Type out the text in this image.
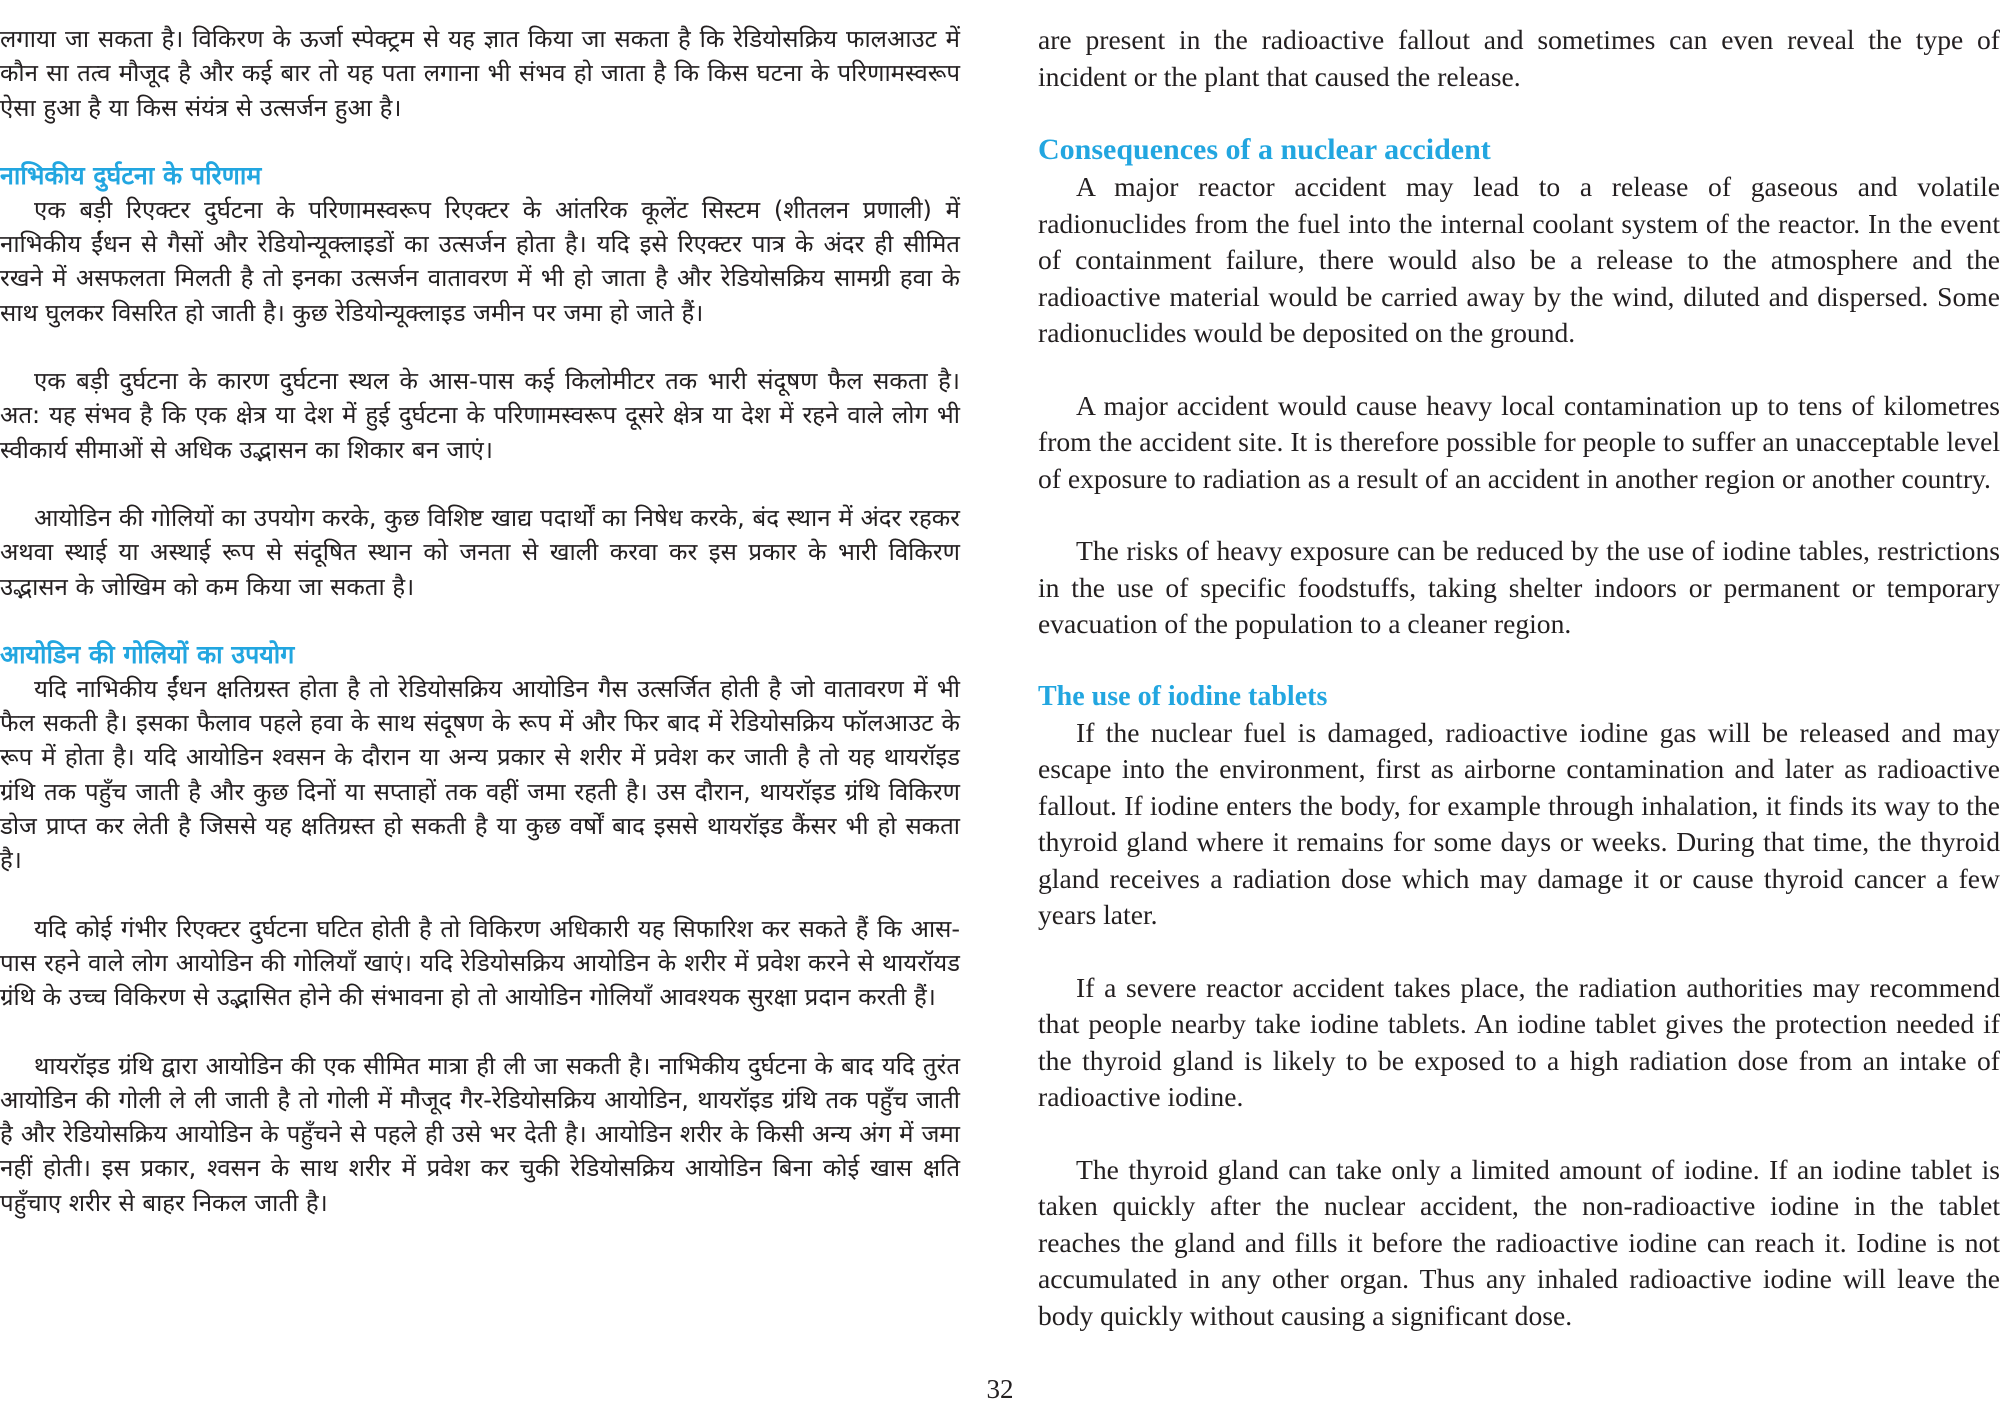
लगाया जा सकता है। विकिरण के ऊर्जा स्पेक्ट्रम से यह ज्ञात किया जा सकता है कि रेडियोसक्रिय फालआउट में कौन सा तत्व मौजूद है और कई बार तो यह पता लगाना भी संभव हो जाता है कि किस घटना के परिणामस्वरूप ऐसा हुआ है या किस संयंत्र से उत्सर्जन हुआ है।

नाभिकीय दुर्घटना के परिणाम

एक बड़ी रिएक्टर दुर्घटना के परिणामस्वरूप रिएक्टर के आंतरिक कूलेंट सिस्टम (शीतलन प्रणाली) में नाभिकीय ईंधन से गैसों और रेडियोन्यूक्लाइडों का उत्सर्जन होता है। यदि इसे रिएक्टर पात्र के अंदर ही सीमित रखने में असफलता मिलती है तो इनका उत्सर्जन वातावरण में भी हो जाता है और रेडियोसक्रिय सामग्री हवा के साथ घुलकर विसरित हो जाती है। कुछ रेडियोन्यूक्लाइड जमीन पर जमा हो जाते हैं।

एक बड़ी दुर्घटना के कारण दुर्घटना स्थल के आस-पास कई किलोमीटर तक भारी संदूषण फैल सकता है। अत: यह संभव है कि एक क्षेत्र या देश में हुई दुर्घटना के परिणामस्वरूप दूसरे क्षेत्र या देश में रहने वाले लोग भी स्वीकार्य सीमाओं से अधिक उद्भासन का शिकार बन जाएं।

आयोडिन की गोलियों का उपयोग करके, कुछ विशिष्ट खाद्य पदार्थों का निषेध करके, बंद स्थान में अंदर रहकर अथवा स्थाई या अस्थाई रूप से संदूषित स्थान को जनता से खाली करवा कर इस प्रकार के भारी विकिरण उद्भासन के जोखिम को कम किया जा सकता है।

आयोडिन की गोलियों का उपयोग

यदि नाभिकीय ईंधन क्षतिग्रस्त होता है तो रेडियोसक्रिय आयोडिन गैस उत्सर्जित होती है जो वातावरण में भी फैल सकती है। इसका फैलाव पहले हवा के साथ संदूषण के रूप में और फिर बाद में रेडियोसक्रिय फॉलआउट के रूप में होता है। यदि आयोडिन श्वसन के दौरान या अन्य प्रकार से शरीर में प्रवेश कर जाती है तो यह थायरॉइड ग्रंथि तक पहुँच जाती है और कुछ दिनों या सप्ताहों तक वहीं जमा रहती है। उस दौरान, थायरॉइड ग्रंथि विकिरण डोज प्राप्त कर लेती है जिससे यह क्षतिग्रस्त हो सकती है या कुछ वर्षों बाद इससे थायरॉइड कैंसर भी हो सकता है।

यदि कोई गंभीर रिएक्टर दुर्घटना घटित होती है तो विकिरण अधिकारी यह सिफारिश कर सकते हैं कि आस-पास रहने वाले लोग आयोडिन की गोलियाँ खाएं। यदि रेडियोसक्रिय आयोडिन के शरीर में प्रवेश करने से थायरॉयड ग्रंथि के उच्च विकिरण से उद्भासित होने की संभावना हो तो आयोडिन गोलियाँ आवश्यक सुरक्षा प्रदान करती हैं।

थायरॉइड ग्रंथि द्वारा आयोडिन की एक सीमित मात्रा ही ली जा सकती है। नाभिकीय दुर्घटना के बाद यदि तुरंत आयोडिन की गोली ले ली जाती है तो गोली में मौजूद गैर-रेडियोसक्रिय आयोडिन, थायरॉइड ग्रंथि तक पहुँच जाती है और रेडियोसक्रिय आयोडिन के पहुँचने से पहले ही उसे भर देती है। आयोडिन शरीर के किसी अन्य अंग में जमा नहीं होती। इस प्रकार, श्वसन के साथ शरीर में प्रवेश कर चुकी रेडियोसक्रिय आयोडिन बिना कोई खास क्षति पहुँचाए शरीर से बाहर निकल जाती है।

are present in the radioactive fallout and sometimes can even reveal the type of incident or the plant that caused the release.

Consequences of a nuclear accident

A major reactor accident may lead to a release of gaseous and volatile radionuclides from the fuel into the internal coolant system of the reactor. In the event of containment failure, there would also be a release to the atmosphere and the radioactive material would be carried away by the wind, diluted and dispersed. Some radionuclides would be deposited on the ground.

A major accident would cause heavy local contamination up to tens of kilometres from the accident site. It is therefore possible for people to suffer an unacceptable level of exposure to radiation as a result of an accident in another region or another country.

The risks of heavy exposure can be reduced by the use of iodine tables, restrictions in the use of specific foodstuffs, taking shelter indoors or permanent or temporary evacuation of the population to a cleaner region.

The use of iodine tablets

If the nuclear fuel is damaged, radioactive iodine gas will be released and may escape into the environment, first as airborne contamination and later as radioactive fallout. If iodine enters the body, for example through inhalation, it finds its way to the thyroid gland where it remains for some days or weeks. During that time, the thyroid gland receives a radiation dose which may damage it or cause thyroid cancer a few years later.

If a severe reactor accident takes place, the radiation authorities may recommend that people nearby take iodine tablets. An iodine tablet gives the protection needed if the thyroid gland is likely to be exposed to a high radiation dose from an intake of radioactive iodine.

The thyroid gland can take only a limited amount of iodine. If an iodine tablet is taken quickly after the nuclear accident, the non-radioactive iodine in the tablet reaches the gland and fills it before the radioactive iodine can reach it. Iodine is not accumulated in any other organ. Thus any inhaled radioactive iodine will leave the body quickly without causing a significant dose.

32
